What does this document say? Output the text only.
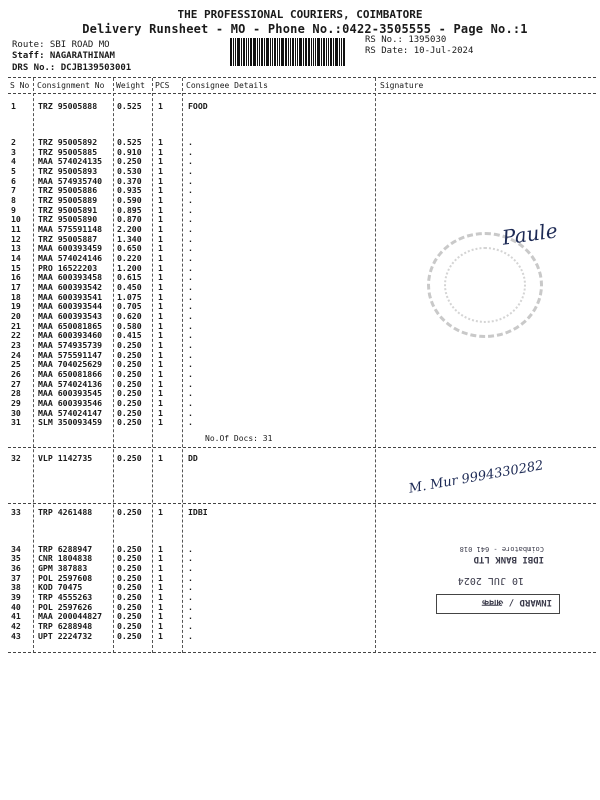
THE PROFESSIONAL COURIERS, COIMBATORE
Delivery Runsheet - MO - Phone No.:0422-3505555 - Page No.:1
Route: SBI ROAD MO
Staff: NAGARATHINAM
DRS No.: DCJB139503001
RS No.: 1395030
RS Date: 10-Jul-2024
S No Consignment No Weight PCS Consignee Details	Signature
1	TRZ 95005888 0.525 1	FOOD
2	TRZ 95005892 0.525 1	.
3	TRZ 95005885 0.910 1	.
4	MAA 574024135 0.250 1	.
5	TRZ 95005893 0.530 1	.
6	MAA 574935740 0.370 1	.
7	TRZ 95005886 0.935 1	.
8	TRZ 95005889 0.590 1	.
9	TRZ 95005891 0.895 1	.
10 TRZ 95005890 0.870 1	.
11 MAA 575591148 2.200 1	.
12 TRZ 95005887 1.340 1	.
13 MAA 600393459 0.650 1	.
14 MAA 574024146 0.220 1	.
15 PRO 16522203 1.200 1	.
16 MAA 600393458 0.615 1	.
17 MAA 600393542 0.450 1	.
18 MAA 600393541 1.075 1	.
19 MAA 600393544 0.705 1	.
20 MAA 600393543 0.620 1	.
21 MAA 650081865 0.580 1	.
22 MAA 600393460 0.415 1	.
23 MAA 574935739 0.250 1	.
24 MAA 575591147 0.250 1	.
25 MAA 704025629 0.250 1	.
26 MAA 650081866 0.250 1	.
27 MAA 574024136 0.250 1	.
28 MAA 600393545 0.250 1	.
29 MAA 600393546 0.250 1	.
30 MAA 574024147 0.250 1	.
31 SLM 350093459 0.250 1	.
32 VLP 1142735	0.250 1	DD
33 TRP 4261488	0.250 1	IDBI
34 TRP 6288947	0.250 1	.
35 CNR 1804838	0.250 1	.
36 GPM 387883	0.250 1	.
37 POL 2597608	0.250 1	.
38 KOD 70475	0.250 1	.
39 TRP 4555263	0.250 1	.
40 POL 2597626	0.250 1	.
41 MAA 200044827 0.250 1	.
42 TRP 6288948	0.250 1	.
43 UPT 2224732	0.250 1	.
No.Of Docs: 31
Paule
M. Mur 9994330282
INWARD / आवक
10 JUL 2024
IDBI BANK LTD
Coimbatore - 641 018
